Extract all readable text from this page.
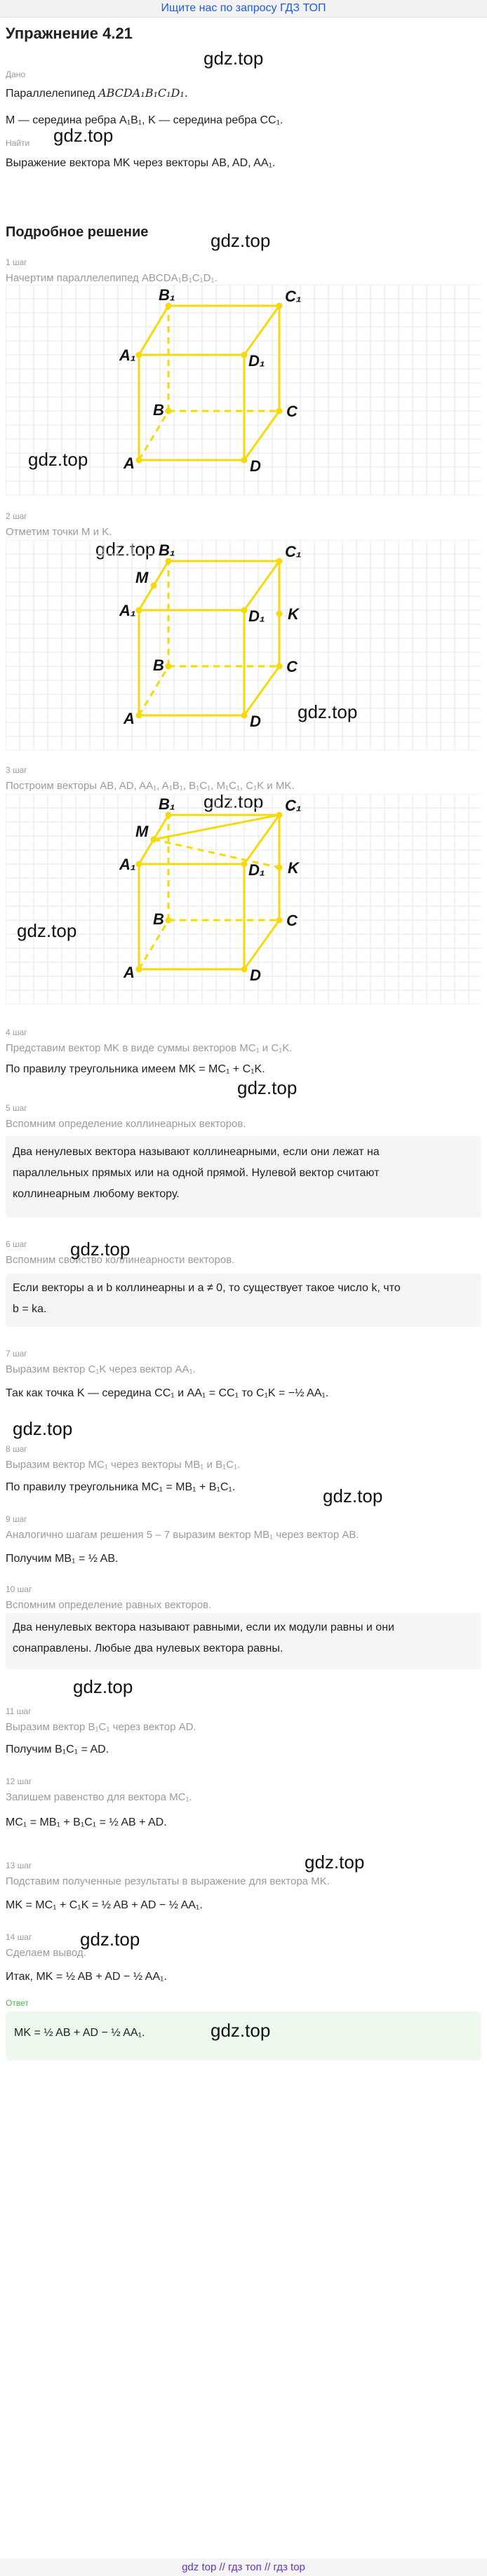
Ищите нас по запросу ГДЗ ТОП
Упражнение 4.21
gdz.top
Дано
Параллелепипед ABCDA₁B₁C₁D₁.
M — середина ребра A₁B₁, K — середина ребра CC₁.
gdz.top
Найти
Выражение вектора MK через векторы AB, AD, AA₁.
Подробное решение	gdz.top
1 шаг
Начертим параллелепипед ABCDA₁B₁C₁D₁.
A	D
B	C
A₁	D₁
B₁	C₁
gdz.top
2 шаг
Отметим точки M и K.
gdz.top
A	D
B	C
A₁	D₁
B₁	C₁
M
K
gdz.top
3 шаг
Построим векторы AB, AD, AA₁, A₁B₁, B₁C₁, M₁C₁, C₁K и MK.
gdz.top
A	D
B	C
A₁	D₁
B₁	C₁
M
K
gdz.top
4 шаг
Представим вектор MK в виде суммы векторов MC₁ и C₁K.
По правилу треугольника имеем MK = MC₁ + C₁K.
gdz.top
5 шаг
Вспомним определение коллинеарных векторов.
Два ненулевых вектора называют коллинеарными, если они лежат на
параллельных прямых или на одной прямой. Нулевой вектор считают
коллинеарным любому вектору.
6 шаг
Вспомним свойство коллинеарности векторов.
gdz.top
Если векторы a и b коллинеарны и a ≠ 0, то существует такое число k, что
b = ka.
7 шаг
Выразим вектор C₁K через вектор AA₁.
Так как точка K — середина CC₁ и AA₁ = CC₁ то C₁K = −½ AA₁.
gdz.top
8 шаг
Выразим вектор MC₁ через векторы MB₁ и B₁C₁.
По правилу треугольника MC₁ = MB₁ + B₁C₁.	gdz.top
9 шаг
Аналогично шагам решения 5 – 7 выразим вектор MB₁ через вектор AB.
Получим MB₁ = ½ AB.
10 шаг
Вспомним определение равных векторов.
Два ненулевых вектора называют равными, если их модули равны и они
сонаправлены. Любые два нулевых вектора равны.
gdz.top
11 шаг
Выразим вектор B₁C₁ через вектор AD.
Получим B₁C₁ = AD.
12 шаг
Запишем равенство для вектора MC₁.
MC₁ = MB₁ + B₁C₁ = ½ AB + AD.
gdz.top
13 шаг
Подставим полученные результаты в выражение для вектора MK.
MK = MC₁ + C₁K = ½ AB + AD − ½ AA₁.
14 шаг
Сделаем вывод.
Итак, MK = ½ AB + AD − ½ AA₁.
gdz.top
Ответ
MK = ½ AB + AD − ½ AA₁.	gdz.top
gdz top // гдз топ // гдз top
